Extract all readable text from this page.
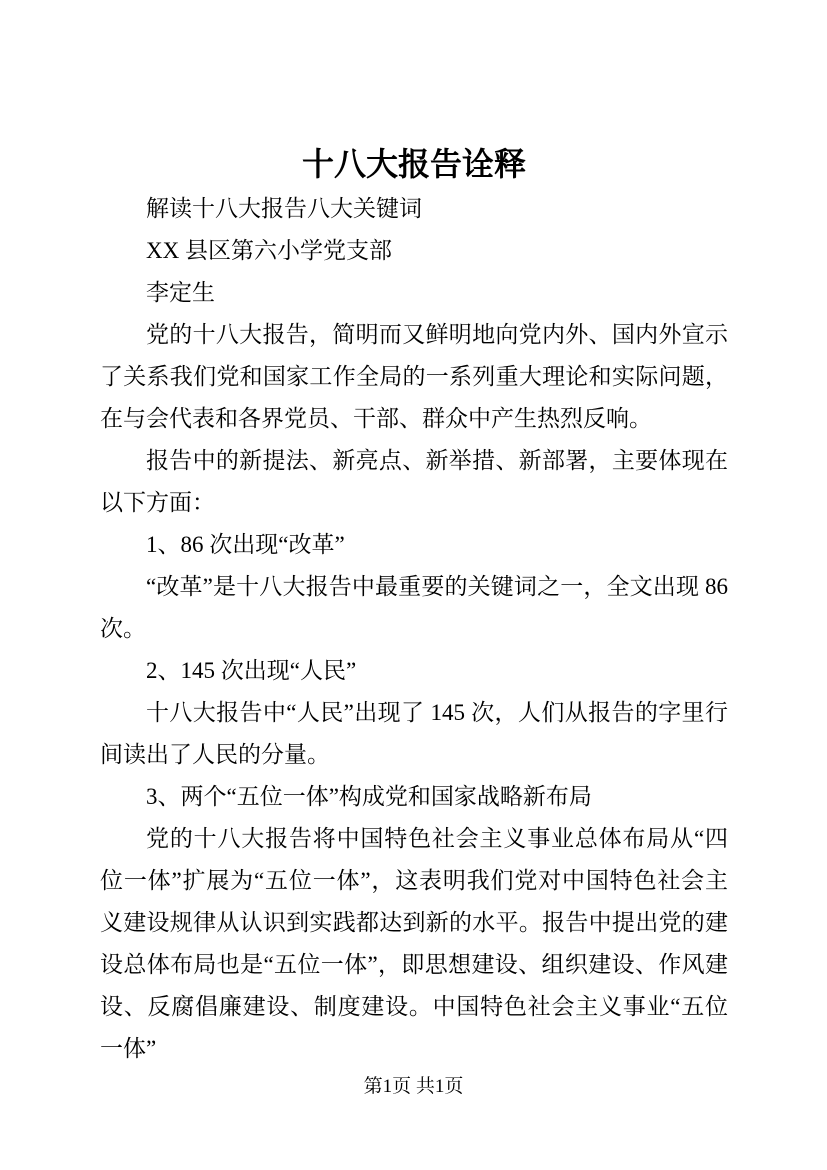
十八大报告诠释

解读十八大报告八大关键词

XX 县区第六小学党支部

李定生

党的十八大报告，简明而又鲜明地向党内外、国内外宣示了关系我们党和国家工作全局的一系列重大理论和实际问题，在与会代表和各界党员、干部、群众中产生热烈反响。

报告中的新提法、新亮点、新举措、新部署，主要体现在以下方面：

1、86 次出现“改革”

“改革”是十八大报告中最重要的关键词之一，全文出现 86 次。

2、145 次出现“人民”

十八大报告中“人民”出现了 145 次，人们从报告的字里行间读出了人民的分量。

3、两个“五位一体”构成党和国家战略新布局

党的十八大报告将中国特色社会主义事业总体布局从“四位一体”扩展为“五位一体”，这表明我们党对中国特色社会主义建设规律从认识到实践都达到新的水平。报告中提出党的建设总体布局也是“五位一体”，即思想建设、组织建设、作风建设、反腐倡廉建设、制度建设。中国特色社会主义事业“五位一体”

第1页 共1页
